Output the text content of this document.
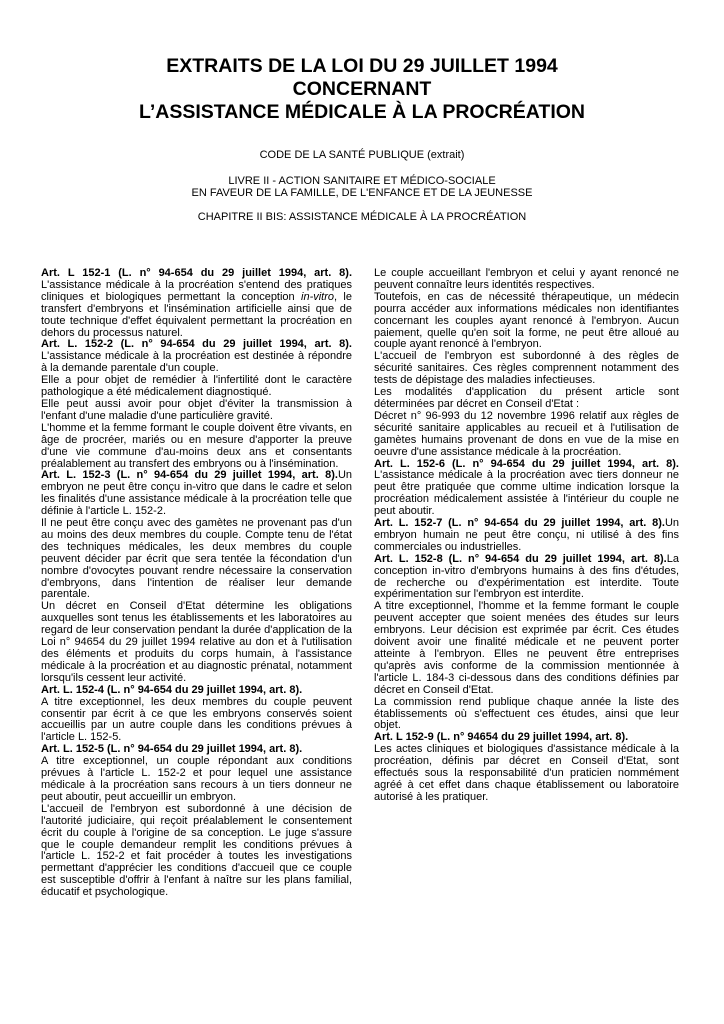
EXTRAITS DE LA LOI DU 29 JUILLET 1994
CONCERNANT
L’ASSISTANCE MÉDICALE À LA PROCRÉATION
CODE DE LA SANTÉ PUBLIQUE (extrait)
LIVRE II - ACTION SANITAIRE ET MÉDICO-SOCIALE
EN FAVEUR DE LA FAMILLE, DE L'ENFANCE ET DE LA JEUNESSE
CHAPITRE II BIS: ASSISTANCE MÉDICALE À LA PROCRÉATION

Art. L 152-1 (L. n° 94-654 du 29 juillet 1994, art. 8). L'assistance médicale à la procréation s'entend des pratiques cliniques et biologiques permettant la conception in-vitro, le transfert d'embryons et l'insémination artificielle ainsi que de toute technique d'effet équivalent permettant la procréation en dehors du processus naturel.

Art. L. 152-2 (L. n° 94-654 du 29 juillet 1994, art. 8). L'assistance médicale à la procréation est destinée à répondre à la demande parentale d'un couple.

Elle a pour objet de remédier à l'infertilité dont le caractère pathologique a été médicalement diagnostiqué.

Elle peut aussi avoir pour objet d'éviter la transmission à l'enfant d'une maladie d'une particulière gravité.

L'homme et la femme formant le couple doivent être vivants, en âge de procréer, mariés ou en mesure d'apporter la preuve d'une vie commune d'au-moins deux ans et consentants préalablement au transfert des embryons ou à l'insémination.

Art. L. 152-3 (L. n° 94-654 du 29 juillet 1994, art. 8).Un embryon ne peut être conçu in-vitro que dans le cadre et selon les finalités d'une assistance médicale à la procréation telle que définie à l'article L. 152-2.

Il ne peut être conçu avec des gamètes ne provenant pas d'un au moins des deux membres du couple. Compte tenu de l'état des techniques médicales, les deux membres du couple peuvent décider par écrit que sera tentée la fécondation d'un nombre d'ovocytes pouvant rendre nécessaire la conservation d'embryons, dans l'intention de réaliser leur demande parentale.

Un décret en Conseil d'Etat détermine les obligations auxquelles sont tenus les établissements et les laboratoires au regard de leur conservation pendant la durée d'application de la Loi n° 94654 du 29 juillet 1994 relative au don et à l'utilisation des éléments et produits du corps humain, à l'assistance médicale à la procréation et au diagnostic prénatal, notamment lorsqu'ils cessent leur activité.

Art. L. 152-4 (L. n° 94-654 du 29 juillet 1994, art. 8).

A titre exceptionnel, les deux membres du couple peuvent consentir par écrit à ce que les embryons conservés soient accueillis par un autre couple dans les conditions prévues à l'article L. 152-5.

Art. L. 152-5 (L. n° 94-654 du 29 juillet 1994, art. 8).

A titre exceptionnel, un couple répondant aux conditions prévues à l'article L. 152-2 et pour lequel une assistance médicale à la procréation sans recours à un tiers donneur ne peut aboutir, peut accueillir un embryon.

L'accueil de l'embryon est subordonné à une décision de l'autorité judiciaire, qui reçoit préalablement le consentement écrit du couple à l'origine de sa conception. Le juge s'assure que le couple demandeur remplit les conditions prévues à l'article L. 152-2 et fait procéder à toutes les investigations permettant d'apprécier les conditions d'accueil que ce couple est susceptible d'offrir à l'enfant à naître sur les plans familial, éducatif et psychologique.

Le couple accueillant l'embryon et celui y ayant renoncé ne peuvent connaître leurs identités respectives.

Toutefois, en cas de nécessité thérapeutique, un médecin pourra accéder aux informations médicales non identifiantes concernant les couples ayant renoncé à l'embryon. Aucun paiement, quelle qu'en soit la forme, ne peut être alloué au couple ayant renoncé à l'embryon.

L'accueil de l'embryon est subordonné à des règles de sécurité sanitaires. Ces règles comprennent notamment des tests de dépistage des maladies infectieuses.

Les modalités d'application du présent article sont déterminées par décret en Conseil d'Etat :

Décret n° 96-993 du 12 novembre 1996 relatif aux règles de sécurité sanitaire applicables au recueil et à l'utilisation de gamètes humains provenant de dons en vue de la mise en oeuvre d'une assistance médicale à la procréation.

Art. L. 152-6 (L. n° 94-654 du 29 juillet 1994, art. 8). L'assistance médicale à la procréation avec tiers donneur ne peut être pratiquée que comme ultime indication lorsque la procréation médicalement assistée à l'intérieur du couple ne peut aboutir.

Art. L. 152-7 (L. n° 94-654 du 29 juillet 1994, art. 8).Un embryon humain ne peut être conçu, ni utilisé à des fins commerciales ou industrielles.

Art. L. 152-8 (L. n° 94-654 du 29 juillet 1994, art. 8).La conception in-vitro d'embryons humains à des fins d'études, de recherche ou d'expérimentation est interdite. Toute expérimentation sur l'embryon est interdite.

A titre exceptionnel, l'homme et la femme formant le couple peuvent accepter que soient menées des études sur leurs embryons. Leur décision est exprimée par écrit. Ces études doivent avoir une finalité médicale et ne peuvent porter atteinte à l'embryon. Elles ne peuvent être entreprises qu'après avis conforme de la commission mentionnée à l'article L. 184-3 ci-dessous dans des conditions définies par décret en Conseil d'Etat.

La commission rend publique chaque année la liste des établissements où s'effectuent ces études, ainsi que leur objet.

Art. L 152-9 (L. n° 94654 du 29 juillet 1994, art. 8).

Les actes cliniques et biologiques d'assistance médicale à la procréation, définis par décret en Conseil d'Etat, sont effectués sous la responsabilité d'un praticien nommément agréé à cet effet dans chaque établissement ou laboratoire autorisé à les pratiquer.
